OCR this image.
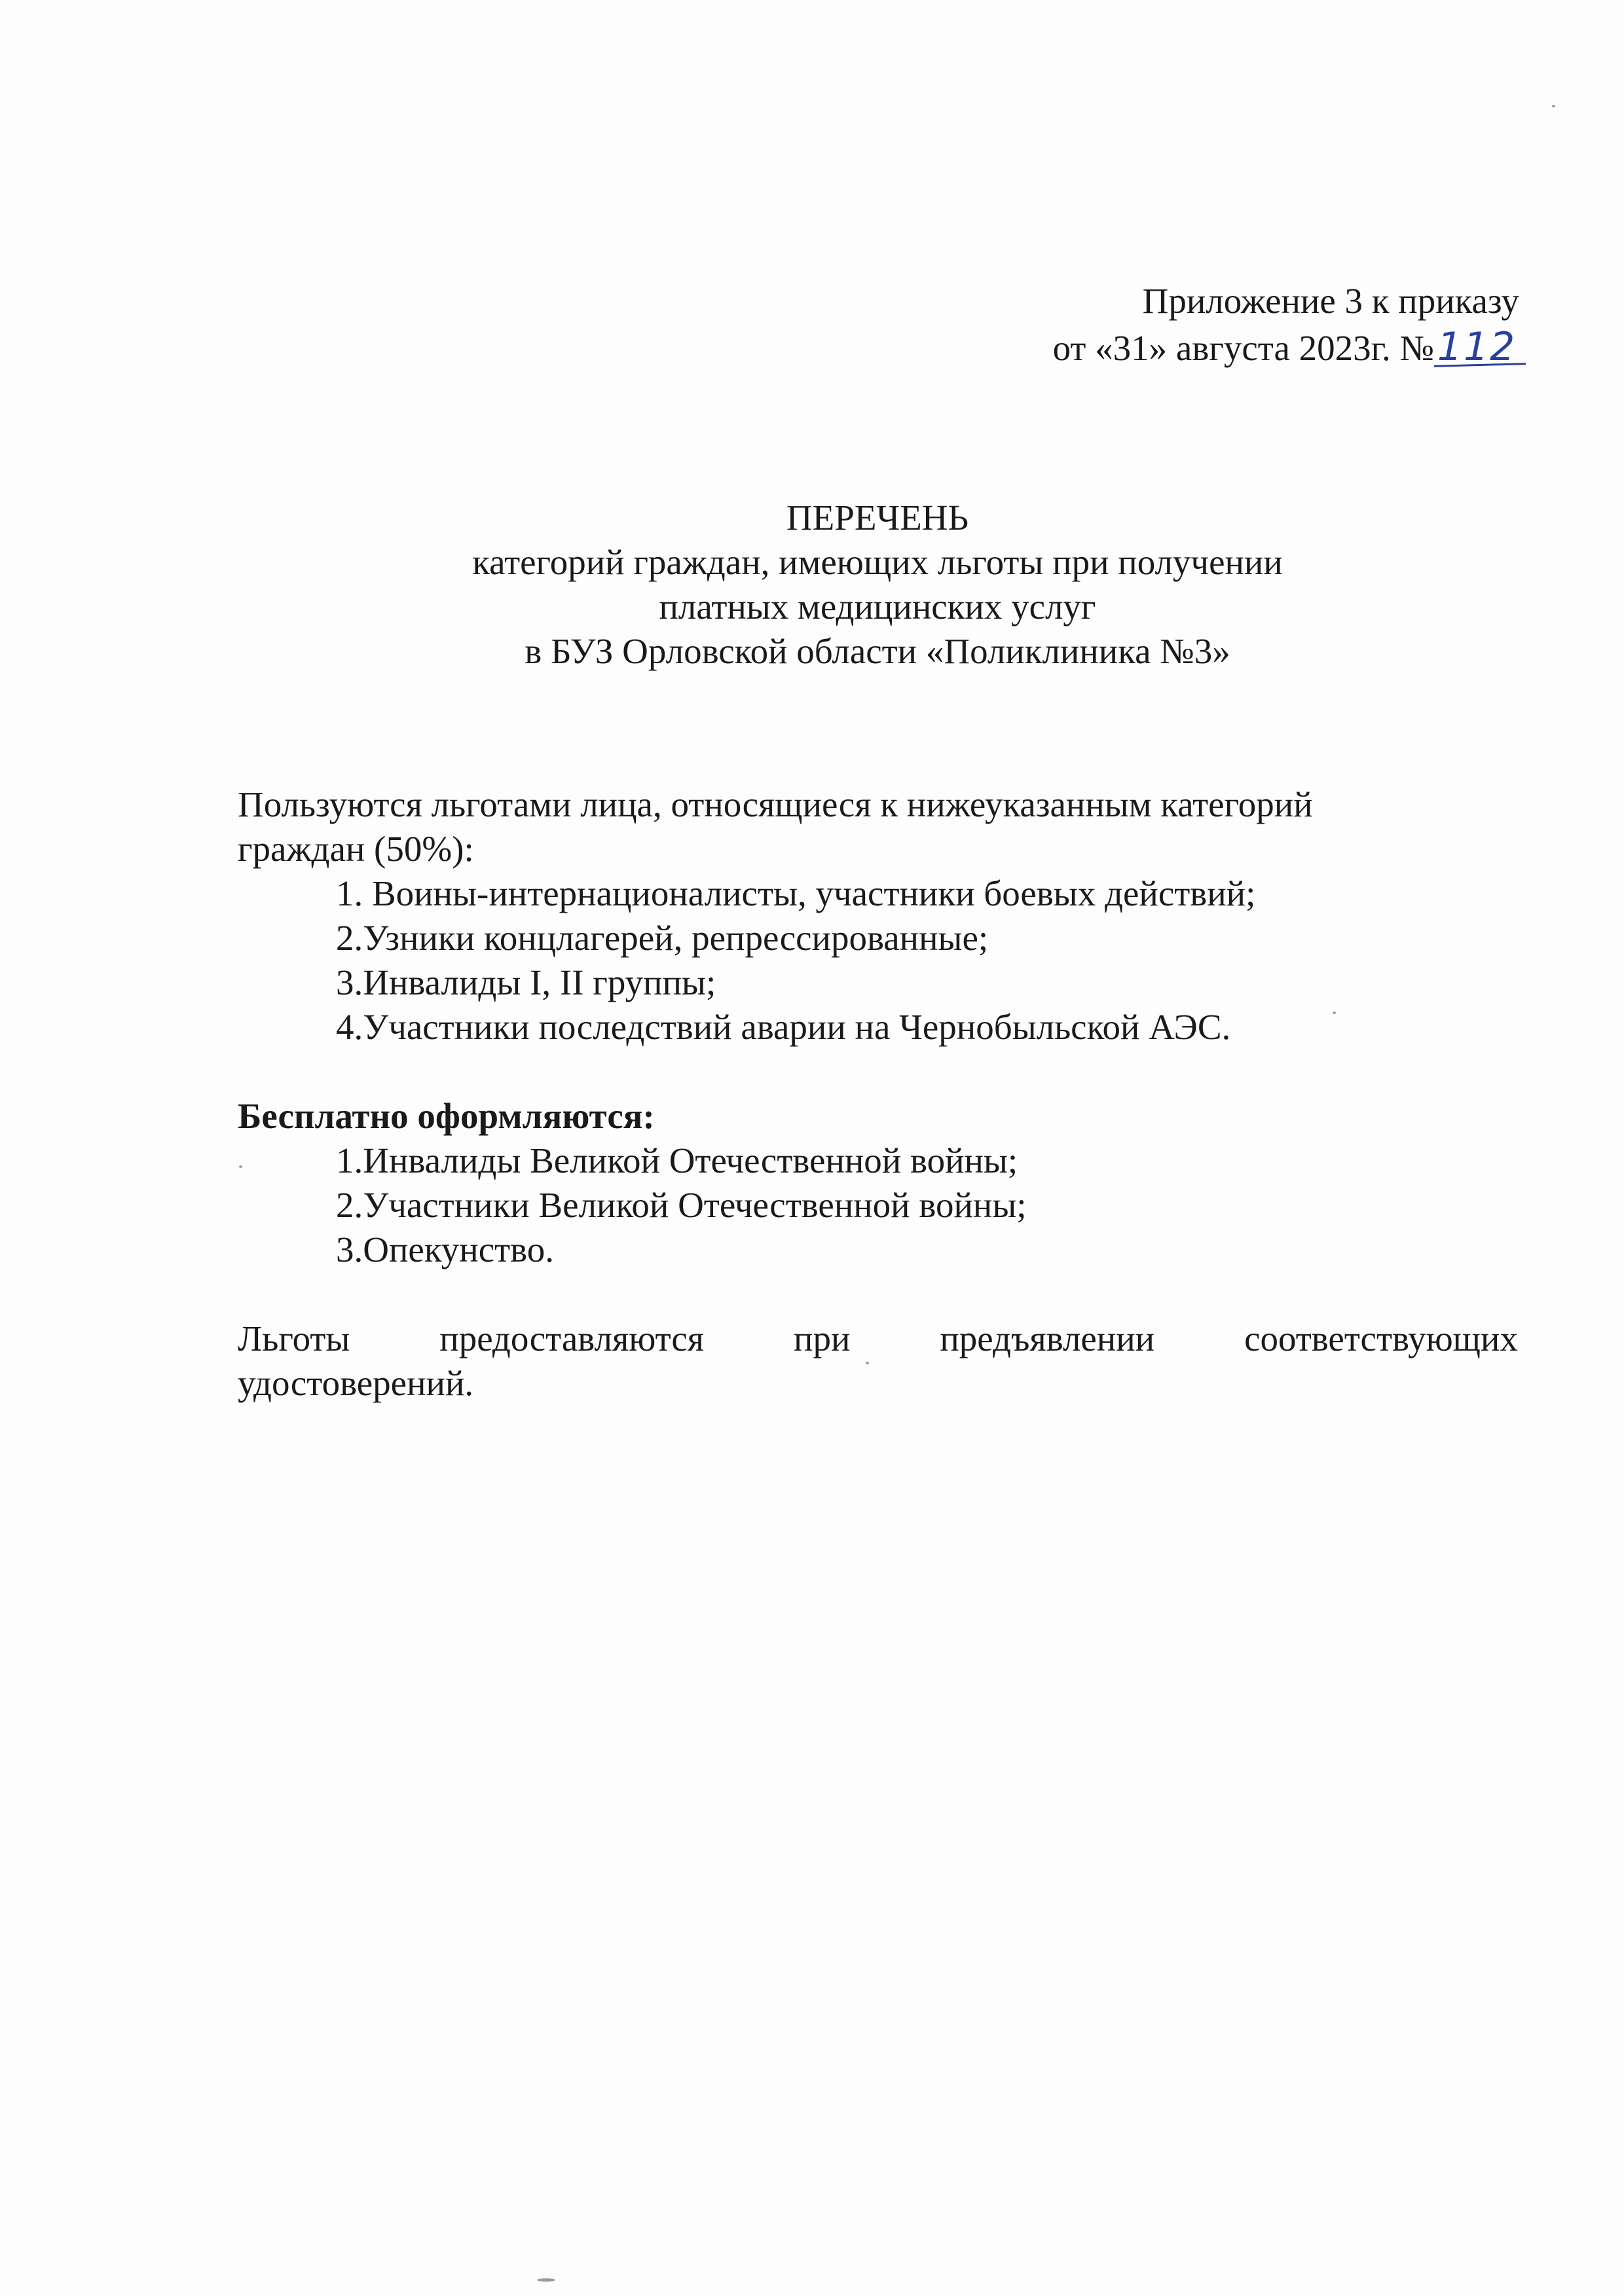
Приложение 3 к приказу
от «31» августа 2023г. №112
ПЕРЕЧЕНЬ
категорий граждан, имеющих льготы при получении
платных медицинских услуг
в БУЗ Орловской области «Поликлиника №3»

Пользуются льготами лица, относящиеся к нижеуказанным категорий

граждан (50%):

1. Воины-интернационалисты, участники боевых действий;
2.Узники концлагерей, репрессированные;
3.Инвалиды I, II группы;
4.Участники последствий аварии на Чернобыльской АЭС.

Бесплатно оформляются:

1.Инвалиды Великой Отечественной войны;
2.Участники Великой Отечественной войны;
3.Опекунство.
Льготы предоставляются при предъявлении соответствующих

удостоверений.
